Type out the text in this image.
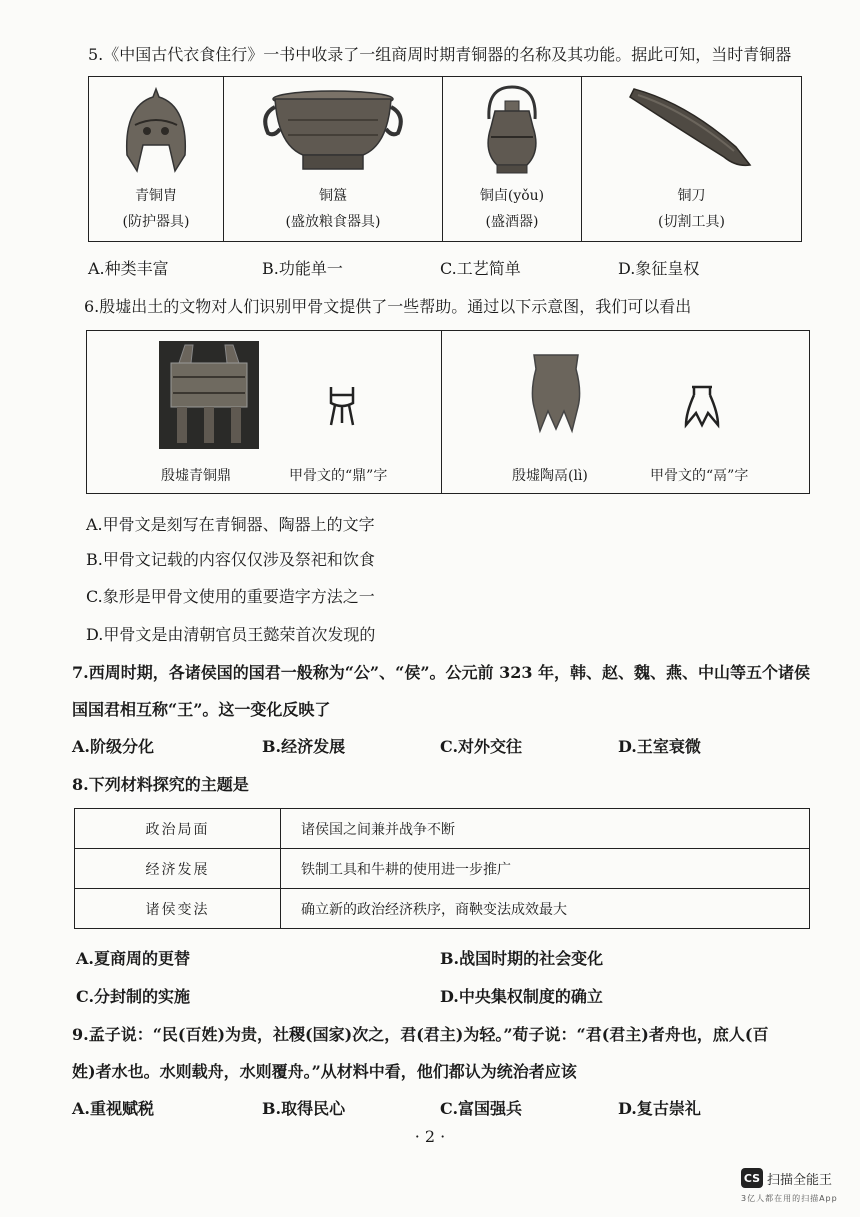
5.《中国古代衣食住行》一书中收录了一组商周时期青铜器的名称及其功能。据此可知，当时青铜器
青铜胄
(防护器具)
铜簋
(盛放粮食器具)
铜卣(yǒu)
(盛酒器)
铜刀
(切割工具)
A.种类丰富	B.功能单一	C.工艺简单	D.象征皇权
6.殷墟出土的文物对人们识别甲骨文提供了一些帮助。通过以下示意图，我们可以看出
殷墟青铜鼎	甲骨文的“鼎”字	殷墟陶鬲(lì)	甲骨文的“鬲”字
A.甲骨文是刻写在青铜器、陶器上的文字
B.甲骨文记载的内容仅仅涉及祭祀和饮食
C.象形是甲骨文使用的重要造字方法之一
D.甲骨文是由清朝官员王懿荣首次发现的
7.西周时期，各诸侯国的国君一般称为“公”、“侯”。公元前 323 年，韩、赵、魏、燕、中山等五个诸侯
国国君相互称“王”。这一变化反映了
A.阶级分化	B.经济发展	C.对外交往	D.王室衰微
8.下列材料探究的主题是
政治局面	诸侯国之间兼并战争不断
经济发展	铁制工具和牛耕的使用进一步推广
诸侯变法	确立新的政治经济秩序，商鞅变法成效最大
A.夏商周的更替	B.战国时期的社会变化
C.分封制的实施	D.中央集权制度的确立
9.孟子说：“民(百姓)为贵，社稷(国家)次之，君(君主)为轻。”荀子说：“君(君主)者舟也，庶人(百
姓)者水也。水则载舟，水则覆舟。”从材料中看，他们都认为统治者应该
A.重视赋税	B.取得民心	C.富国强兵	D.复古崇礼
· 2 ·
CS 扫描全能王
3亿人都在用的扫描App
